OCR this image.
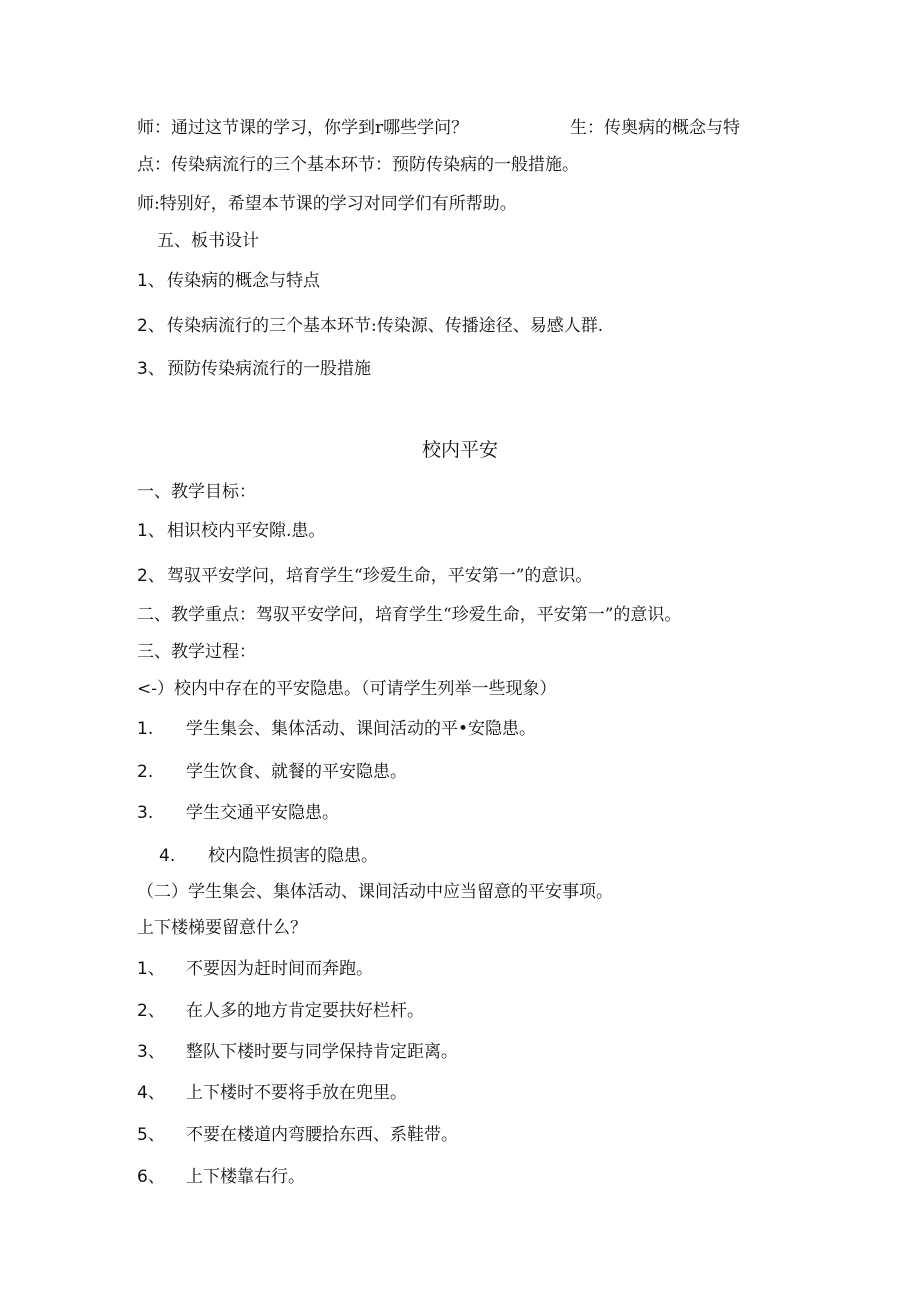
师：通过这节课的学习，你学到r哪些学问？	生：传奥病的概念与特
点：传染病流行的三个基本环节：预防传染病的一般措施。
师:特别好，希望本节课的学习对同学们有所帮助。
五、板书设计
1、 传染病的概念与特点
2、 传染病流行的三个基本环节:传染源、传播途径、易感人群.
3、 预防传染病流行的一股措施
校内平安
一、教学目标：
1、 相识校内平安隙.患。
2、 驾驭平安学问，培育学生“珍爱生命，平安第一”的意识。
二、教学重点：驾驭平安学问，培育学生“珍爱生命，平安第一”的意识。
三、教学过程：
<-）校内中存在的平安隐患。（可请学生列举一些现象）
1. 学生集会、集体活动、课间活动的平•安隐患。
2. 学生饮食、就餐的平安隐患。
3. 学生交通平安隐患。
4. 校内隐性损害的隐患。
（二）学生集会、集体活动、课间活动中应当留意的平安事项。
上下楼梯要留意什么？
1、 不要因为赶时间而奔跑。
2、 在人多的地方肯定要扶好栏杆。
3、 整队下楼时要与同学保持肯定距离。
4、 上下楼时不要将手放在兜里。
5、 不要在楼道内弯腰拾东西、系鞋带。
6、 上下楼靠右行。
